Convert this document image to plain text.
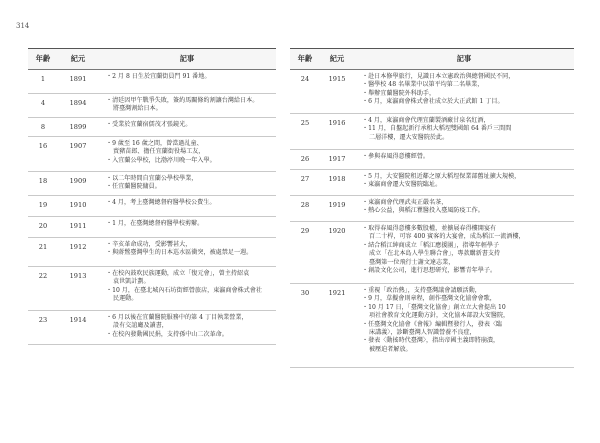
314
年齡	紀元	記事
1	1891	・2 月 8 日生於宜蘭街員門 91 番地。
4	1894	・清廷因甲午戰爭失敗，簽約馬關條約割讓台灣給日本。
將臺灣割給日本。
8	1899	・受業於宜蘭宿儒茂才張鏡光。
16	1907	・9 歲至 16 歲之間，曾當過乩童、
賣豬苗郎、擔任宜蘭街役場工友，
・入宜蘭公學校，比渤渟川晚一年入學。
18	1909	・以二年時間自宜蘭公學校學業，
・任宜蘭醫院傭員。
19	1910	・4 月，考上臺灣總督府醫學校公費生。
20	1911	・1 月，在臺灣總督府醫學校剪辮。
21	1912	・辛亥革命成功，受影響甚大，
・與蔣鷺臺灣學生的日本巡水區衝突，被處禁足一週。
22	1913	・在校內鼓吹民族運動，成立「復元會」，曾主持紹袁
袁世凱計劃。
・10 月，在臺北城內石坊街經營旅店，東瀛商會株式會社
民運動。
23	1914	・6 月以後在宜蘭醫院服務中的第 4 丁目執業營業，
設有交誼廳及讀書，
・在校內發動國民捐，支持孫中山二次革命。
年齡	紀元	記事
24	1915	・赴日本修學旅行，見識日本立憲政治與總督國民不同，
・醫學校 48 名畢業中以第平均第二名畢業，
・舉辦宜蘭醫院外科助手，
・6 月，東瀛商會株式會社成立於大正武館 1 丁目。
25	1916	・4 月，東瀛商會代理宜蘭製酒廠甘泉名紅酒，
・11 月，自盤起新行承租大稻埕雙國館 64 番戶三間間
二層洋樓，遷大安醫院於此。
26	1917	・參與春風得意樓經營。
27	1918	・5 月，大安醫院租近鄰之原大稻埕保業部舊址擴大規模，
・東瀛商會遷大安醫院臨址。
28	1919	・東瀛商會代理武夷正嚴名茶，
・熱心公益，與稻江瞿醫投入臺風防疫工作。
29	1920	・取得春風得意樓多數股權，並擴展春得樓開宴有
百二十桿，可容 400 賓客的大宴會，成為稻江一流酒樓，
・結合稻江紳商成立「稻江應援團」，指導年輕學子
成立「在北本島人學生聯合會」，專款購新書支持
臺灣第一位飛行士謝文達志業，
・創設文化公司，進行思想研究，影響青年學子。
30	1921	・重視「政治熱」，支持臺灣議會請願活動，
・9 月，草擬會則章程，創作臺灣文化協會會歌，
・10 月 17 日，「臺灣文化協會」創立立大會提出 10
項社會教育文化運動方針，文化協本部設大安醫院，
・任臺灣文化協會《會報》編輯暨發行人，發表〈臨
床講義〉，診斷臺灣人智識營養不良症，
・發表〈動搖時代臺灣〉，指出帝國主義即將崩潰，
被壓迫者解放。
